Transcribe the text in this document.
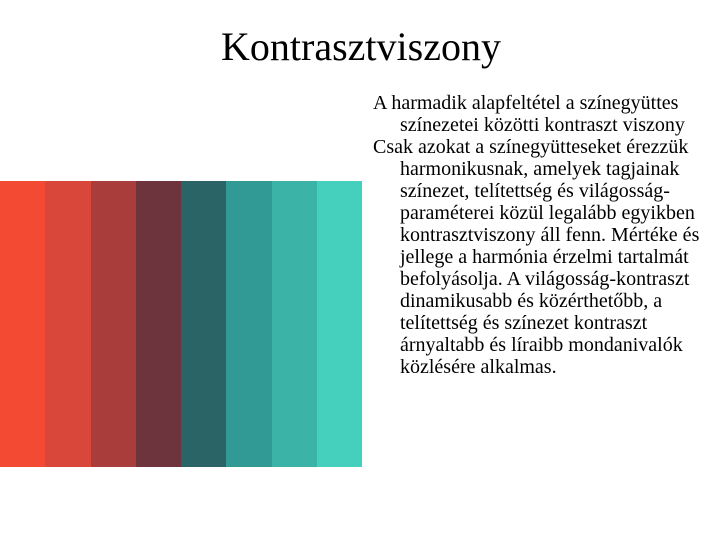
Kontrasztviszony

A harmadik alapfeltétel a színegyüttes színezetei közötti kontraszt viszony

Csak azokat a színegyütteseket érezzük harmonikusnak, amelyek tagjainak színezet, telítettség és világosság-paraméterei közül legalább egyikben kontrasztviszony áll fenn. Mértéke és jellege a harmónia érzelmi tartalmát befolyásolja. A világosság-kontraszt dinamikusabb és közérthetőbb, a telítettség és színezet kontraszt árnyaltabb és líraibb mondanivalók közlésére alkalmas.
